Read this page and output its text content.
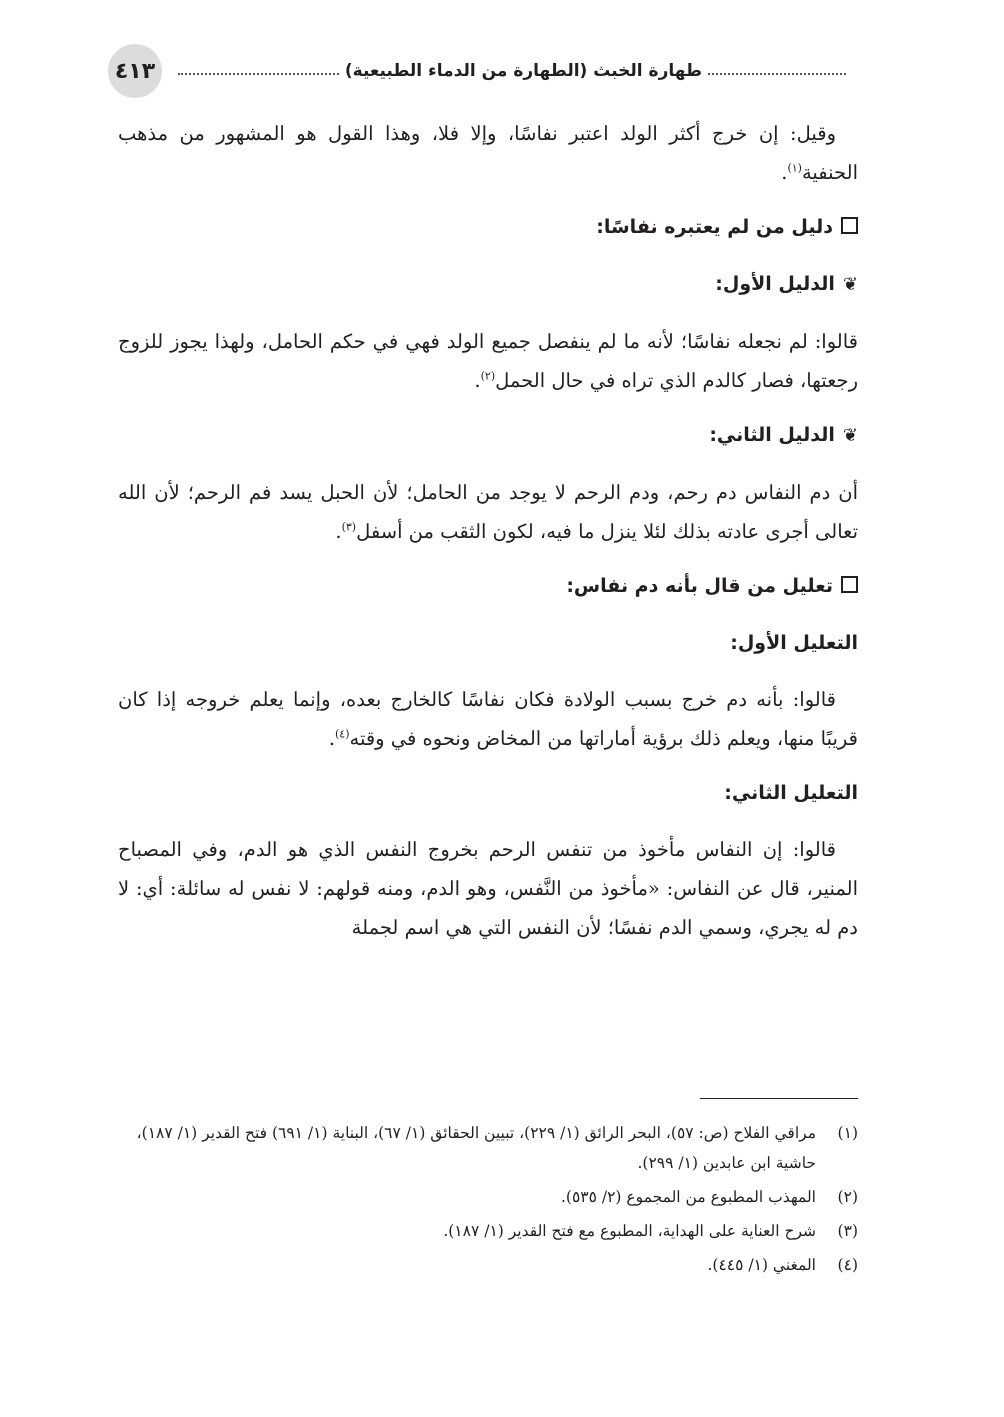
٤١٣	طهارة الخبث (الطهارة من الدماء الطبيعية)

وقيل: إن خرج أكثر الولد اعتبر نفاسًا، وإلا فلا، وهذا القول هو المشهور من مذهب الحنفية$^{(١)}$.

دليل من لم يعتبره نفاسًا:
❦الدليل الأول:

قالوا: لم نجعله نفاسًا؛ لأنه ما لم ينفصل جميع الولد فهي في حكم الحامل، ولهذا يجوز للزوج رجعتها، فصار كالدم الذي تراه في حال الحمل$^{(٢)}$.

❦الدليل الثاني:

أن دم النفاس دم رحم، ودم الرحم لا يوجد من الحامل؛ لأن الحبل يسد فم الرحم؛ لأن الله تعالى أجرى عادته بذلك لئلا ينزل ما فيه، لكون الثقب من أسفل$^{(٣)}$.

تعليل من قال بأنه دم نفاس:
التعليل الأول:

قالوا: بأنه دم خرج بسبب الولادة فكان نفاسًا كالخارج بعده، وإنما يعلم خروجه إذا كان قريبًا منها، ويعلم ذلك برؤية أماراتها من المخاض ونحوه في وقته$^{(٤)}$.

التعليل الثاني:

قالوا: إن النفاس مأخوذ من تنفس الرحم بخروج النفس الذي هو الدم، وفي المصباح المنير، قال عن النفاس: «مأخوذ من النَّفس، وهو الدم، ومنه قولهم: لا نفس له سائلة: أي: لا دم له يجري، وسمي الدم نفسًا؛ لأن النفس التي هي اسم لجملة

(١)
مراقي الفلاح (ص: ٥٧)، البحر الرائق (١/ ٢٢٩)، تبيين الحقائق (١/ ٦٧)، البناية (١/ ٦٩١) فتح القدير (١/ ١٨٧)، حاشية ابن عابدين (١/ ٢٩٩).
(٢)
المهذب المطبوع من المجموع (٢/ ٥٣٥).
(٣)
شرح العناية على الهداية، المطبوع مع فتح القدير (١/ ١٨٧).
(٤)
المغني (١/ ٤٤٥).
